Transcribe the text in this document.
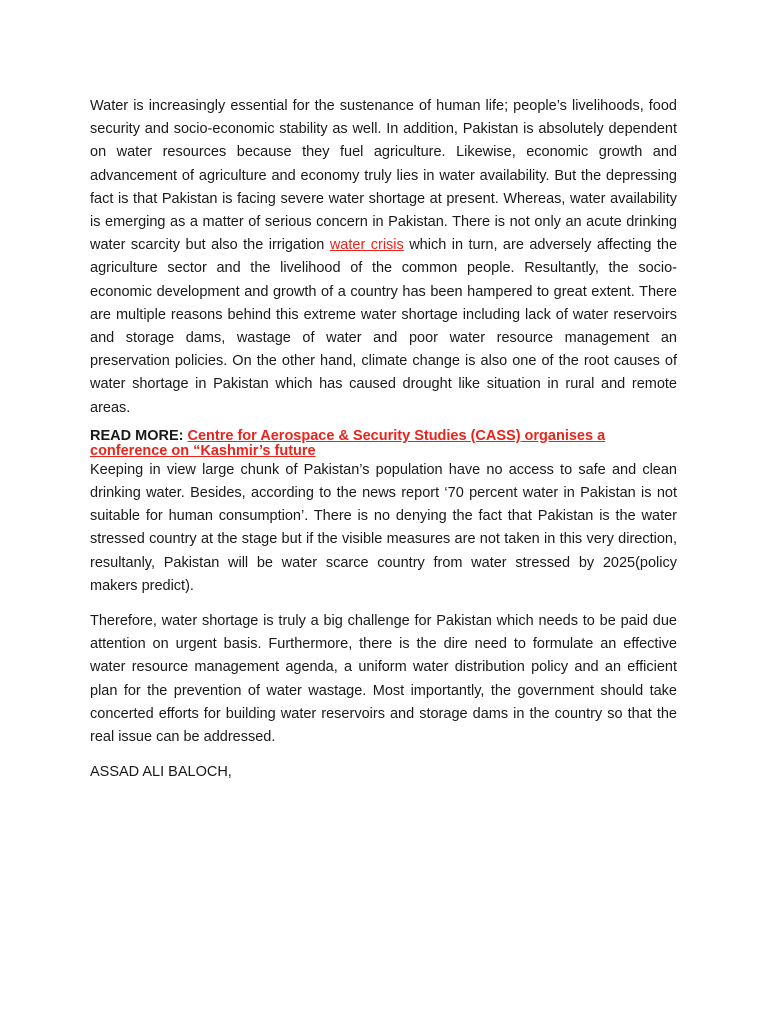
Water is increasingly essential for the sustenance of human life; people’s livelihoods, food security and socio-economic stability as well. In addition, Pakistan is absolutely dependent on water resources because they fuel agriculture. Likewise, economic growth and advancement of agriculture and economy truly lies in water availability. But the depressing fact is that Pakistan is facing severe water shortage at present. Whereas, water availability is emerging as a matter of serious concern in Pakistan. There is not only an acute drinking water scarcity but also the irrigation water crisis which in turn, are adversely affecting the agriculture sector and the livelihood of the common people. Resultantly, the socio-economic development and growth of a country has been hampered to great extent. There are multiple reasons behind this extreme water shortage including lack of water reservoirs and storage dams, wastage of water and poor water resource management an preservation policies. On the other hand, climate change is also one of the root causes of water shortage in Pakistan which has caused drought like situation in rural and remote areas.

READ MORE: Centre for Aerospace & Security Studies (CASS) organises a conference on “Kashmir’s future

Keeping in view large chunk of Pakistan’s population have no access to safe and clean drinking water. Besides, according to the news report ‘70 percent water in Pakistan is not suitable for human consumption’. There is no denying the fact that Pakistan is the water stressed country at the stage but if the visible measures are not taken in this very direction, resultanly, Pakistan will be water scarce country from water stressed by 2025(policy makers predict).

Therefore, water shortage is truly a big challenge for Pakistan which needs to be paid due attention on urgent basis. Furthermore, there is the dire need to formulate an effective water resource management agenda, a uniform water distribution policy and an efficient plan for the prevention of water wastage. Most importantly, the government should take concerted efforts for building water reservoirs and storage dams in the country so that the real issue can be addressed.

ASSAD ALI BALOCH,
